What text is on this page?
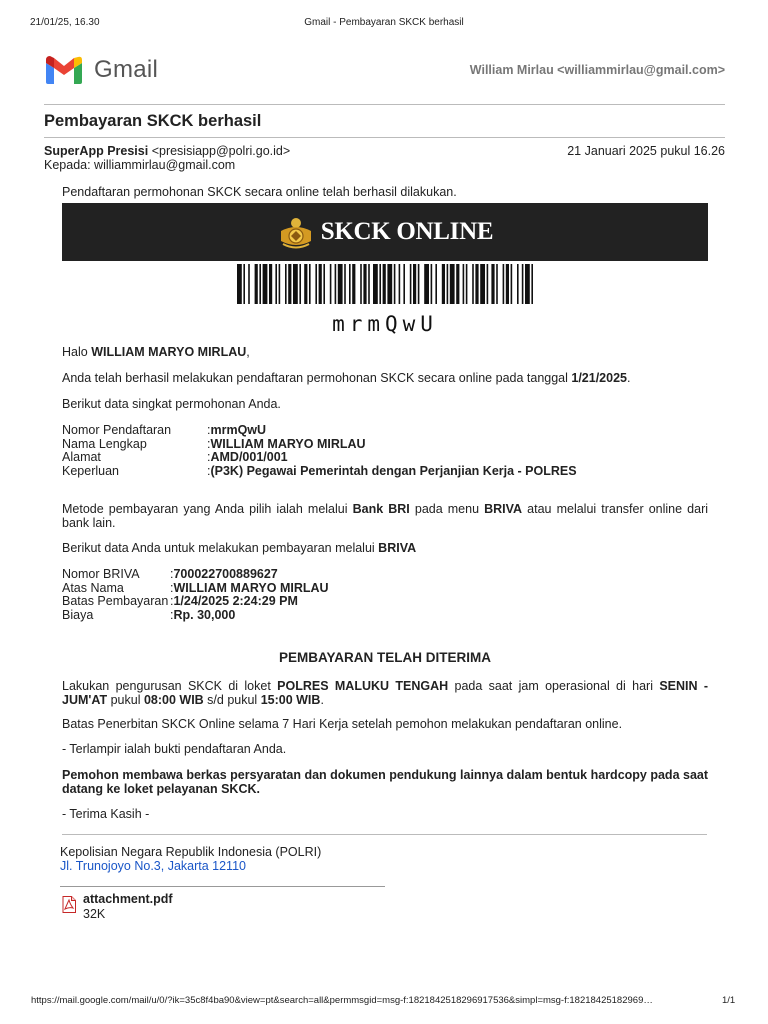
21/01/25, 16.30	Gmail - Pembayaran SKCK berhasil
Gmail	William Mirlau <williammirlau@gmail.com>
Pembayaran SKCK berhasil
SuperApp Presisi <presisiapp@polri.go.id>	21 Januari 2025 pukul 16.26
Kepada: williammirlau@gmail.com
Pendaftaran permohonan SKCK secara online telah berhasil dilakukan.
SKCK ONLINE
mrmQwU
Halo WILLIAM MARYO MIRLAU,
Anda telah berhasil melakukan pendaftaran permohonan SKCK secara online pada tanggal 1/21/2025.
Berikut data singkat permohonan Anda.
Nomor Pendaftaran	:mrmQwU
Nama Lengkap	:WILLIAM MARYO MIRLAU
Alamat	:AMD/001/001
Keperluan	:(P3K) Pegawai Pemerintah dengan Perjanjian Kerja - POLRES
Metode pembayaran yang Anda pilih ialah melalui Bank BRI pada menu BRIVA atau melalui transfer online dari bank lain.
Berikut data Anda untuk melakukan pembayaran melalui BRIVA
Nomor BRIVA :700022700889627
Atas Nama	:WILLIAM MARYO MIRLAU
Batas Pembayaran :1/24/2025 2:24:29 PM
Biaya	:Rp. 30,000
PEMBAYARAN TELAH DITERIMA
Lakukan pengurusan SKCK di loket POLRES MALUKU TENGAH pada saat jam operasional di hari SENIN - JUM'AT pukul 08:00 WIB s/d pukul 15:00 WIB.
Batas Penerbitan SKCK Online selama 7 Hari Kerja setelah pemohon melakukan pendaftaran online.
- Terlampir ialah bukti pendaftaran Anda.
Pemohon membawa berkas persyaratan dan dokumen pendukung lainnya dalam bentuk hardcopy pada saat datang ke loket pelayanan SKCK.
- Terima Kasih -
Kepolisian Negara Republik Indonesia (POLRI)
Jl. Trunojoyo No.3, Jakarta 12110
attachment.pdf
32K
https://mail.google.com/mail/u/0/?ik=35c8f4ba90&view=pt&search=all&permmsgid=msg-f:1821842518296917536&simpl=msg-f:18218425182969…	1/1
